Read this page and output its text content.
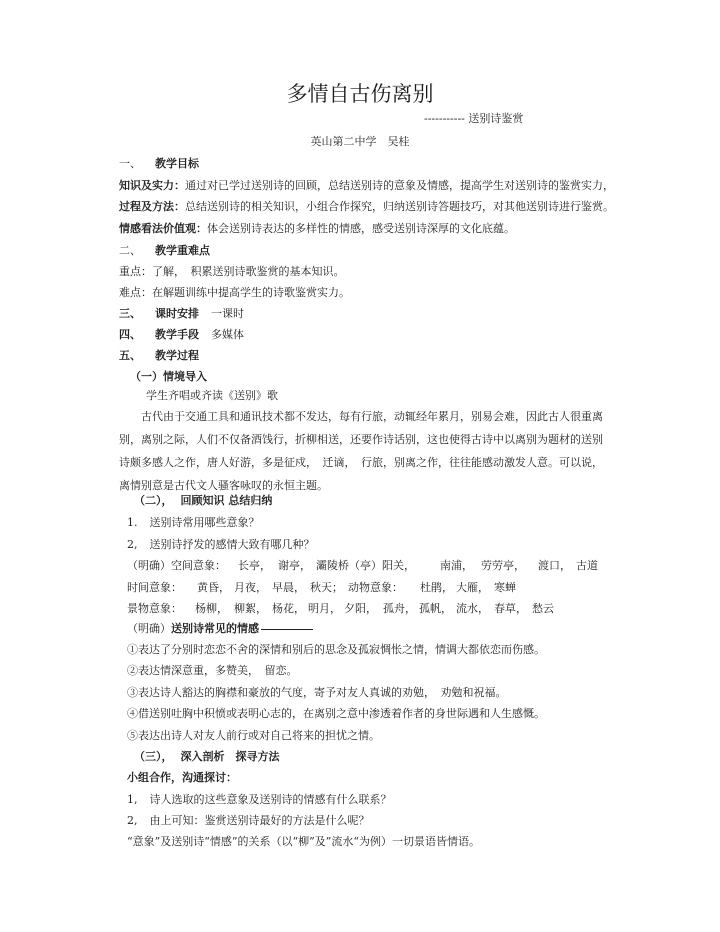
多情自古伤离别
----------- 送别诗鉴赏
英山第二中学　吴桂
一、 教学目标
知识及实力：通过对已学过送别诗的回顾，总结送别诗的意象及情感，提高学生对送别诗的鉴赏实力，
过程及方法：总结送别诗的相关知识，小组合作探究，归纳送别诗答题技巧，对其他送别诗进行鉴赏。
情感看法价值观：体会送别诗表达的多样性的情感，感受送别诗深厚的文化底蕴。
二、 教学重难点
重点：了解，　积累送别诗歌鉴赏的基本知识。
难点：在解题训练中提高学生的诗歌鉴赏实力。
三、 课时安排 一课时
四、 教学手段 多媒体
五、 教学过程
（一）情境导入
学生齐唱或齐读《送别》歌
古代由于交通工具和通讯技术都不发达，每有行旅，动辄经年累月，别易会难，因此古人很重离别，离别之际，人们不仅备酒饯行，折柳相送，还要作诗话别，这也使得古诗中以离别为题材的送别诗颇多感人之作，唐人好游，多是征戍，　迁谪，　行旅，别离之作，往往能感动激发人意。可以说，离情别意是古代文人骚客咏叹的永恒主题。
（二）， 回顾知识 总结归纳
1. 送别诗常用哪些意象？
2, 送别诗抒发的感情大致有哪几种？
（明确）空间意象： 长亭， 谢亭， 灞陵桥（亭）阳关， 南浦， 劳劳亭， 渡口， 古道
时间意象： 黄昏， 月夜， 早晨， 秋天； 动物意象： 杜鹃， 大雁， 寒蝉
景物意象： 杨柳， 柳絮， 杨花， 明月， 夕阳， 孤舟， 孤帆， 流水， 春草， 愁云
（明确）送别诗常见的情感
①表达了分别时恋恋不舍的深情和别后的思念及孤寂惆怅之情，情调大都依恋而伤感。
②表达情深意重，多赞美，　留恋。
③表达诗人豁达的胸襟和豪放的气度，寄予对友人真诚的劝勉，　劝勉和祝福。
④借送别吐胸中积愤或表明心志的，在离别之意中渗透着作者的身世际遇和人生感慨。
⑤表达出诗人对友人前行或对自己将来的担忧之情。
（三）， 深入剖析　探寻方法
小组合作，沟通探讨：
1, 诗人选取的这些意象及送别诗的情感有什么联系？
2, 由上可知：鉴赏送别诗最好的方法是什么呢？
“意象”及送别诗“情感”的关系（以“柳”及”流水“为例）一切景语皆情语。
